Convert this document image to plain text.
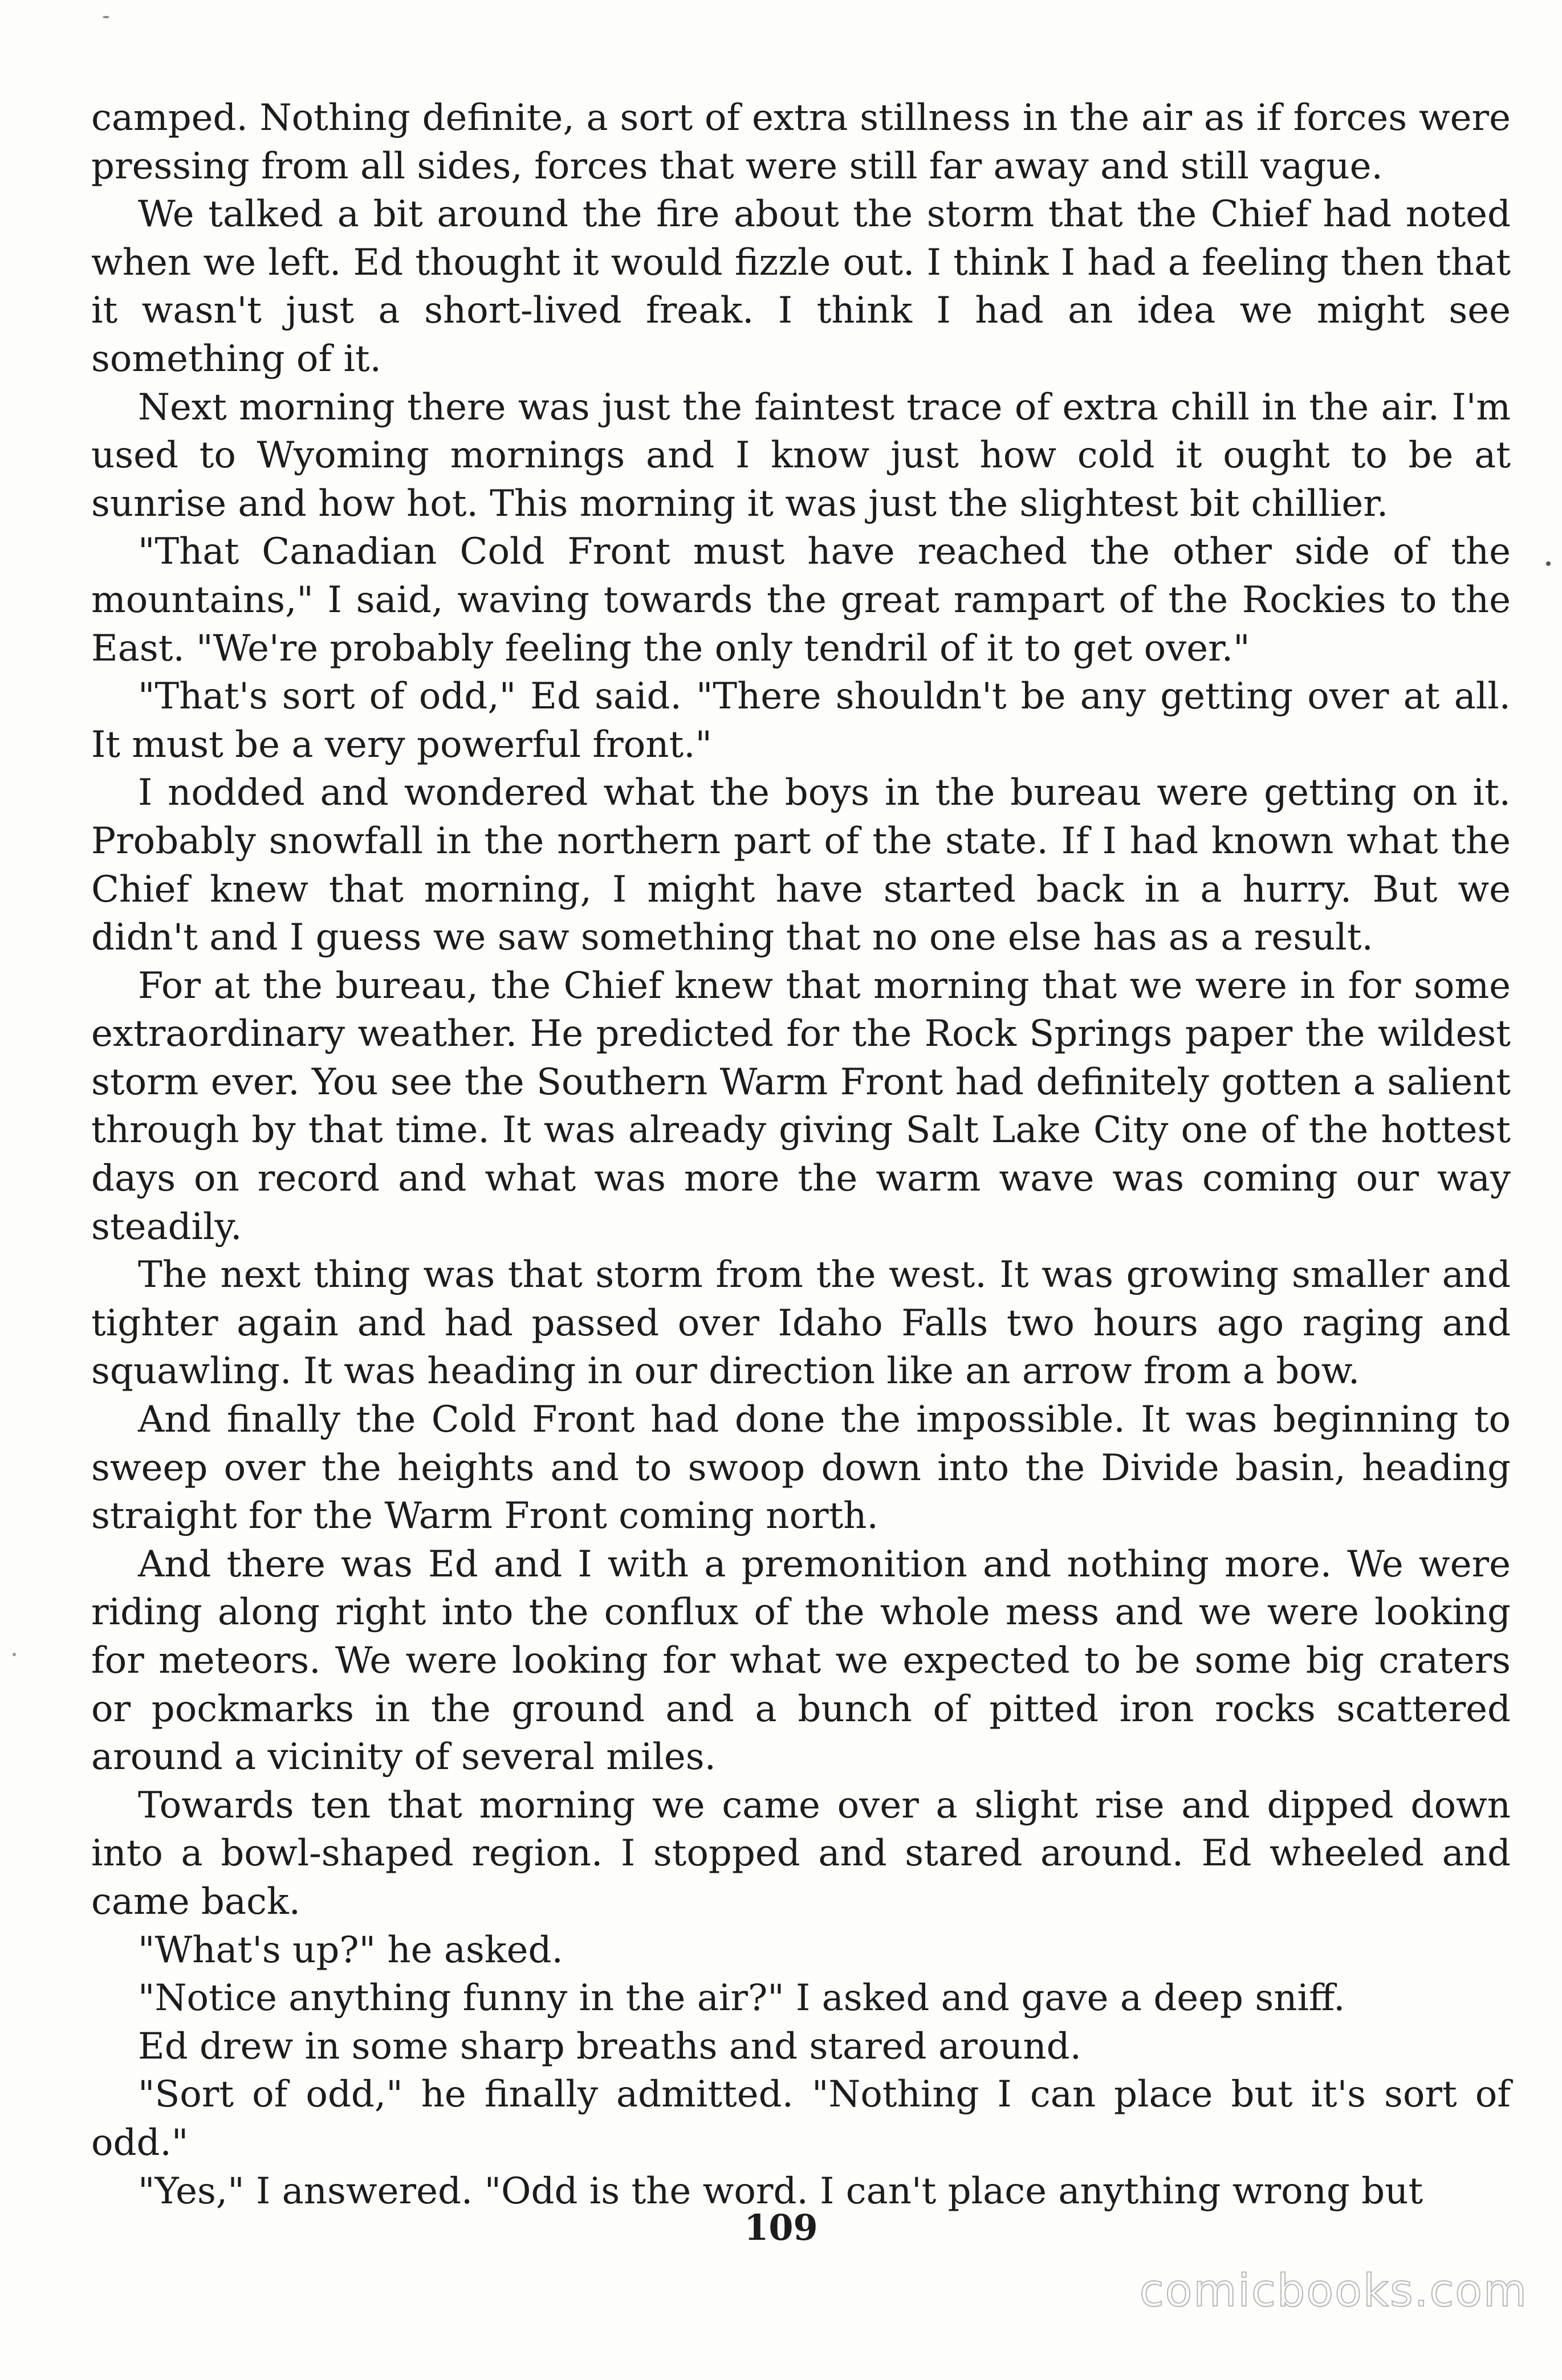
camped. Nothing definite, a sort of extra stillness in the air as if forces were pressing from all sides, forces that were still far away and still vague.

We talked a bit around the fire about the storm that the Chief had noted when we left. Ed thought it would fizzle out. I think I had a feeling then that it wasn't just a short-lived freak. I think I had an idea we might see something of it.

Next morning there was just the faintest trace of extra chill in the air. I'm used to Wyoming mornings and I know just how cold it ought to be at sunrise and how hot. This morning it was just the slightest bit chillier.

"That Canadian Cold Front must have reached the other side of the mountains," I said, waving towards the great rampart of the Rockies to the East. "We're probably feeling the only tendril of it to get over."

"That's sort of odd," Ed said. "There shouldn't be any getting over at all. It must be a very powerful front."

I nodded and wondered what the boys in the bureau were getting on it. Probably snowfall in the northern part of the state. If I had known what the Chief knew that morning, I might have started back in a hurry. But we didn't and I guess we saw something that no one else has as a result.

For at the bureau, the Chief knew that morning that we were in for some extraordinary weather. He predicted for the Rock Springs paper the wildest storm ever. You see the Southern Warm Front had definitely gotten a salient through by that time. It was already giving Salt Lake City one of the hottest days on record and what was more the warm wave was coming our way steadily.

The next thing was that storm from the west. It was growing smaller and tighter again and had passed over Idaho Falls two hours ago raging and squawling. It was heading in our direction like an arrow from a bow.

And finally the Cold Front had done the impossible. It was beginning to sweep over the heights and to swoop down into the Divide basin, heading straight for the Warm Front coming north.

And there was Ed and I with a premonition and nothing more. We were riding along right into the conflux of the whole mess and we were looking for meteors. We were looking for what we expected to be some big craters or pockmarks in the ground and a bunch of pitted iron rocks scattered around a vicinity of several miles.

Towards ten that morning we came over a slight rise and dipped down into a bowl-shaped region. I stopped and stared around. Ed wheeled and came back.

"What's up?" he asked.

"Notice anything funny in the air?" I asked and gave a deep sniff.

Ed drew in some sharp breaths and stared around.

"Sort of odd," he finally admitted. "Nothing I can place but it's sort of odd."

"Yes," I answered. "Odd is the word. I can't place anything wrong but

109
comicbooks.com
